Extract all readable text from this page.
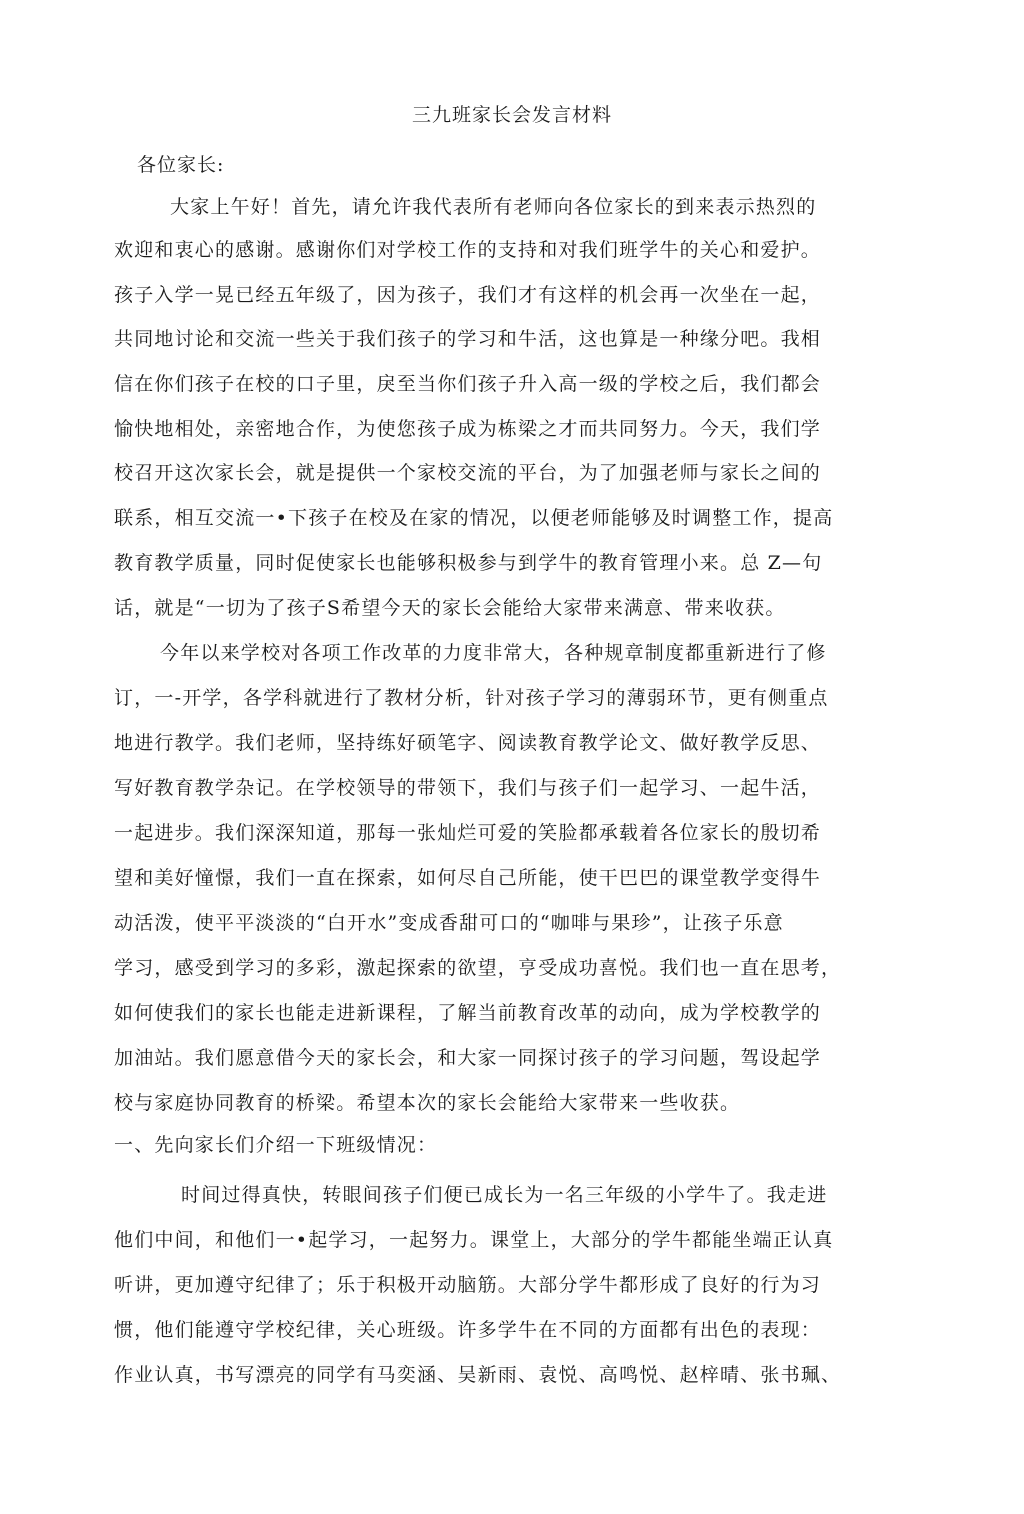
三九班家长会发言材料
各位家长:
大家上午好！首先，请允许我代表所有老师向各位家长的到来表示热烈的
欢迎和衷心的感谢。感谢你们对学校工作的支持和对我们班学牛的关心和爱护。
孩子入学一晃已经五年级了，因为孩子，我们才有这样的机会再一次坐在一起，
共同地讨论和交流一些关于我们孩子的学习和牛活，这也算是一种缘分吧。我相
信在你们孩子在校的口子里，戾至当你们孩子升入高一级的学校之后，我们都会
愉快地相处，亲密地合作，为使您孩子成为栋梁之才而共同努力。今天，我们学
校召开这次家长会，就是提供一个家校交流的平台，为了加强老师与家长之间的
联系，相互交流一•下孩子在校及在家的情况，以便老师能够及时调整工作，提高
教育教学质量，同时促使家长也能够积极参与到学牛的教育管理小来。总 Z—句
话，就是“一切为了孩子S希望今天的家长会能给大家带来满意、带来收获。
今年以来学校对各项工作改革的力度非常大，各种规章制度都重新进行了修
订，一-开学，各学科就进行了教材分析，针对孩子学习的薄弱环节，更有侧重点
地进行教学。我们老师，坚持练好硕笔字、阅读教育教学论文、做好教学反思、
写好教育教学杂记。在学校领导的带领下，我们与孩子们一起学习、一起牛活，
一起进步。我们深深知道，那每一张灿烂可爱的笑脸都承载着各位家长的殷切希
望和美好憧憬，我们一直在探索，如何尽自己所能，使干巴巴的课堂教学变得牛
动活泼，使平平淡淡的“白开水”变成香甜可口的“咖啡与果珍”，让孩子乐意
学习，感受到学习的多彩，激起探索的欲望，亨受成功喜悦。我们也一直在思考，
如何使我们的家长也能走进新课程，了解当前教育改革的动向，成为学校教学的
加油站。我们愿意借今天的家长会，和大家一同探讨孩子的学习问题，驾设起学
校与家庭协同教育的桥梁。希望本次的家长会能给大家带来一些收获。
一、先向家长们介绍一下班级情况：
时间过得真快，转眼间孩子们便已成长为一名三年级的小学牛了。我走进
他们中间，和他们一•起学习，一起努力。课堂上，大部分的学牛都能坐端正认真
听讲，更加遵守纪律了；乐于积极开动脑筋。大部分学牛都形成了良好的行为习
惯，他们能遵守学校纪律，关心班级。许多学牛在不同的方面都有出色的表现：
作业认真，书写漂亮的同学有马奕涵、吴新雨、袁悦、高鸣悦、赵梓晴、张书珮、
